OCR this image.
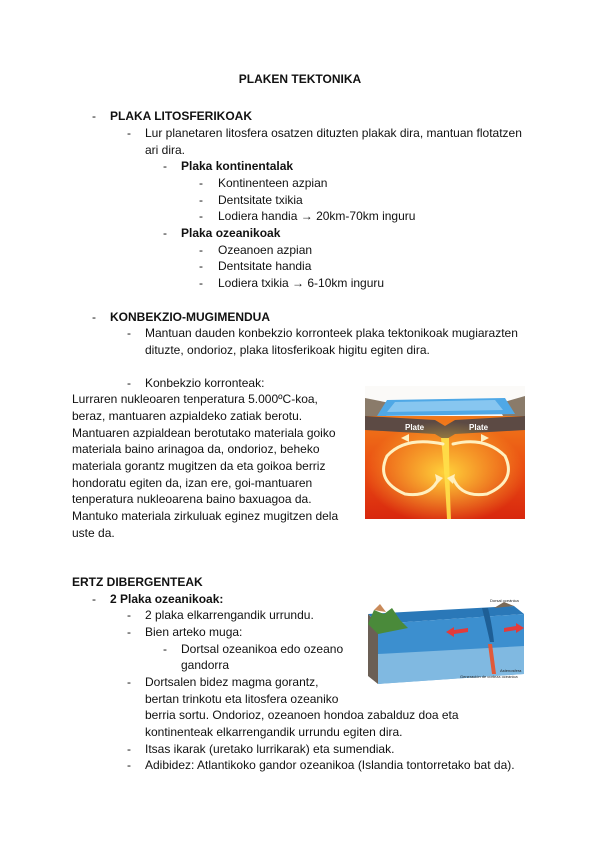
PLAKEN TEKTONIKA
- PLAKA LITOSFERIKOAK
- Lur planetaren litosfera osatzen dituzten plakak dira, mantuan flotatzen
ari dira.
- Plaka kontinentalak
- Kontinenteen azpian
- Dentsitate txikia
- Lodiera handia → 20km-70km inguru
- Plaka ozeanikoak
- Ozeanoen azpian
- Dentsitate handia
- Lodiera txikia → 6-10km inguru
- KONBEKZIO-MUGIMENDUA
- Mantuan dauden konbekzio korronteek plaka tektonikoak mugiarazten
dituzte, ondorioz, plaka litosferikoak higitu egiten dira.
- Konbekzio korronteak:
Lurraren nukleoaren tenperatura 5.000ºC-koa,
beraz, mantuaren azpialdeko zatiak berotu.
Mantuaren azpialdean berotutako materiala goiko
materiala baino arinagoa da, ondorioz, beheko
materiala gorantz mugitzen da eta goikoa berriz
hondoratu egiten da, izan ere, goi-mantuaren
tenperatura nukleoarena baino baxuagoa da.
Mantuko materiala zirkuluak eginez mugitzen dela
uste da.
Plate	Plate
ERTZ DIBERGENTEAK
- 2 Plaka ozeanikoak:
- 2 plaka elkarrengandik urrundu.
- Bien arteko muga:
- Dortsal ozeanikoa edo ozeano
gandorra
- Dortsalen bidez magma gorantz,
bertan trinkotu eta litosfera ozeaniko
berria sortu. Ondorioz, ozeanoen hondoa zabalduz doa eta
kontinenteak elkarrengandik urrundu egiten dira.
- Itsas ikarak (uretako lurrikarak) eta sumendiak.
- Adibidez: Atlantikoko gandor ozeanikoa (Islandia tontorretako bat da).
Dorsal oceánica
Generación de corteza oceánica
Astenosfera
